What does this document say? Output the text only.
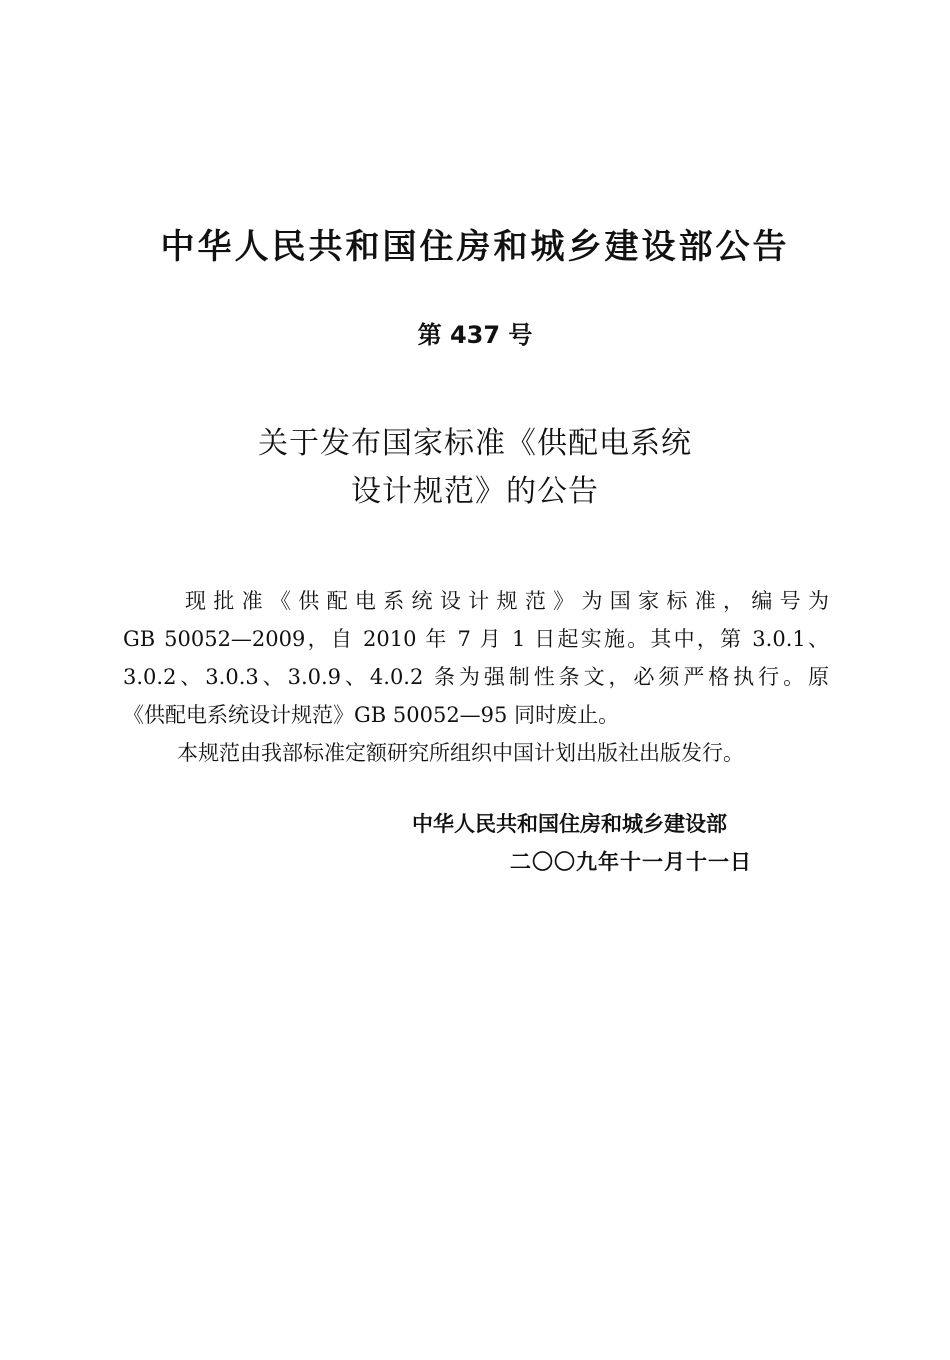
中华人民共和国住房和城乡建设部公告
第 437 号
关于发布国家标准《供配电系统
设计规范》的公告

现批准《供配电系统设计规范》为国家标准，编号为
GB 50052—2009，自 2010 年 7 月 1 日起实施。其中，第 3.0.1、
3.0.2、3.0.3、3.0.9、4.0.2 条为强制性条文，必须严格执行。原
《供配电系统设计规范》GB 50052—95 同时废止。

本规范由我部标准定额研究所组织中国计划出版社出版发行。

中华人民共和国住房和城乡建设部
二〇〇九年十一月十一日
